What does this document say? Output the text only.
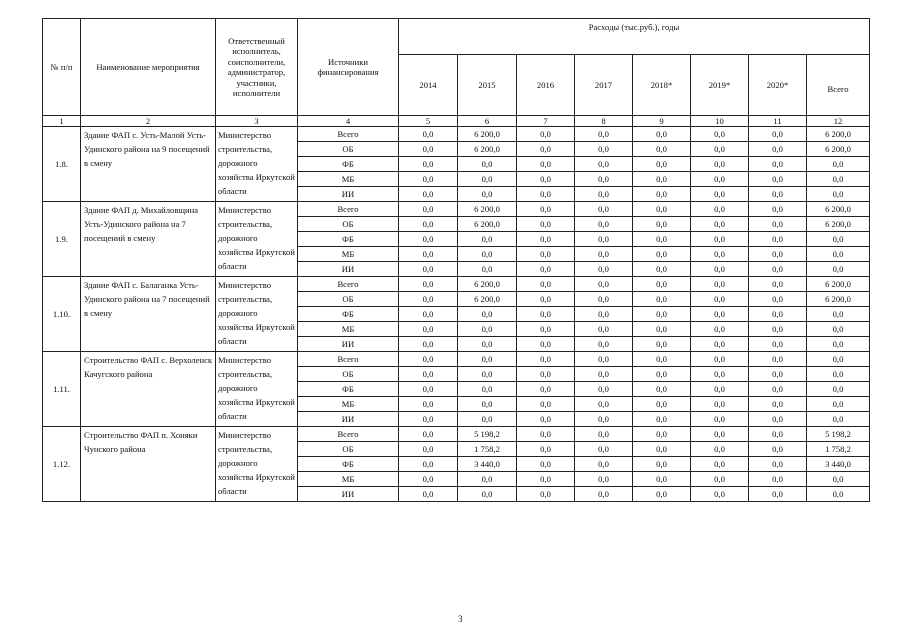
№ п/п	Наименование мероприятия	Ответственный исполнитель, соисполнители, администратор, участники, исполнители	Источники финансирования	Расходы (тыс.руб.), годы							
				2014	2015	2016	2017	2018*	2019*	2020*	Всего
1	2	3	4	5	6	7	8	9	10	11	12
1.8.	Здание ФАП с. Усть-Малой Усть-Удинского района на 9 посещений в смену	Министерство строительства, дорожного хозяйства Иркутской области	Всего	0,0	6 200,0	0,0	0,0	0,0	0,0	0,0	6 200,0
			ОБ	0,0	6 200,0	0,0	0,0	0,0	0,0	0,0	6 200,0
			ФБ	0,0	0,0	0,0	0,0	0,0	0,0	0,0	0,0
			МБ	0,0	0,0	0,0	0,0	0,0	0,0	0,0	0,0
			ИИ	0,0	0,0	0,0	0,0	0,0	0,0	0,0	0,0
1.9.	Здание ФАП д. Михайловщина Усть-Удинского района на 7 посещений в смену	Министерство строительства, дорожного хозяйства Иркутской области	Всего	0,0	6 200,0	0,0	0,0	0,0	0,0	0,0	6 200,0
			ОБ	0,0	6 200,0	0,0	0,0	0,0	0,0	0,0	6 200,0
			ФБ	0,0	0,0	0,0	0,0	0,0	0,0	0,0	0,0
			МБ	0,0	0,0	0,0	0,0	0,0	0,0	0,0	0,0
			ИИ	0,0	0,0	0,0	0,0	0,0	0,0	0,0	0,0
1.10.	Здание ФАП с. Балаганка Усть-Удинского района на 7 посещений в смену	Министерство строительства, дорожного хозяйства Иркутской области	Всего	0,0	6 200,0	0,0	0,0	0,0	0,0	0,0	6 200,0
			ОБ	0,0	6 200,0	0,0	0,0	0,0	0,0	0,0	6 200,0
			ФБ	0,0	0,0	0,0	0,0	0,0	0,0	0,0	0,0
			МБ	0,0	0,0	0,0	0,0	0,0	0,0	0,0	0,0
			ИИ	0,0	0,0	0,0	0,0	0,0	0,0	0,0	0,0
1.11.	Строительство ФАП с. Верхоленск Качугского района	Министерство строительства, дорожного хозяйства Иркутской области	Всего	0,0	0,0	0,0	0,0	0,0	0,0	0,0	0,0
			ОБ	0,0	0,0	0,0	0,0	0,0	0,0	0,0	0,0
			ФБ	0,0	0,0	0,0	0,0	0,0	0,0	0,0	0,0
			МБ	0,0	0,0	0,0	0,0	0,0	0,0	0,0	0,0
			ИИ	0,0	0,0	0,0	0,0	0,0	0,0	0,0	0,0
1.12.	Строительство ФАП п. Хоняки Чунского района	Министерство строительства, дорожного хозяйства Иркутской области	Всего	0,0	5 198,2	0,0	0,0	0,0	0,0	0,0	5 198,2
			ОБ	0,0	1 758,2	0,0	0,0	0,0	0,0	0,0	1 758,2
			ФБ	0,0	3 440,0	0,0	0,0	0,0	0,0	0,0	3 440,0
			МБ	0,0	0,0	0,0	0,0	0,0	0,0	0,0	0,0
			ИИ	0,0	0,0	0,0	0,0	0,0	0,0	0,0	0,0
3
